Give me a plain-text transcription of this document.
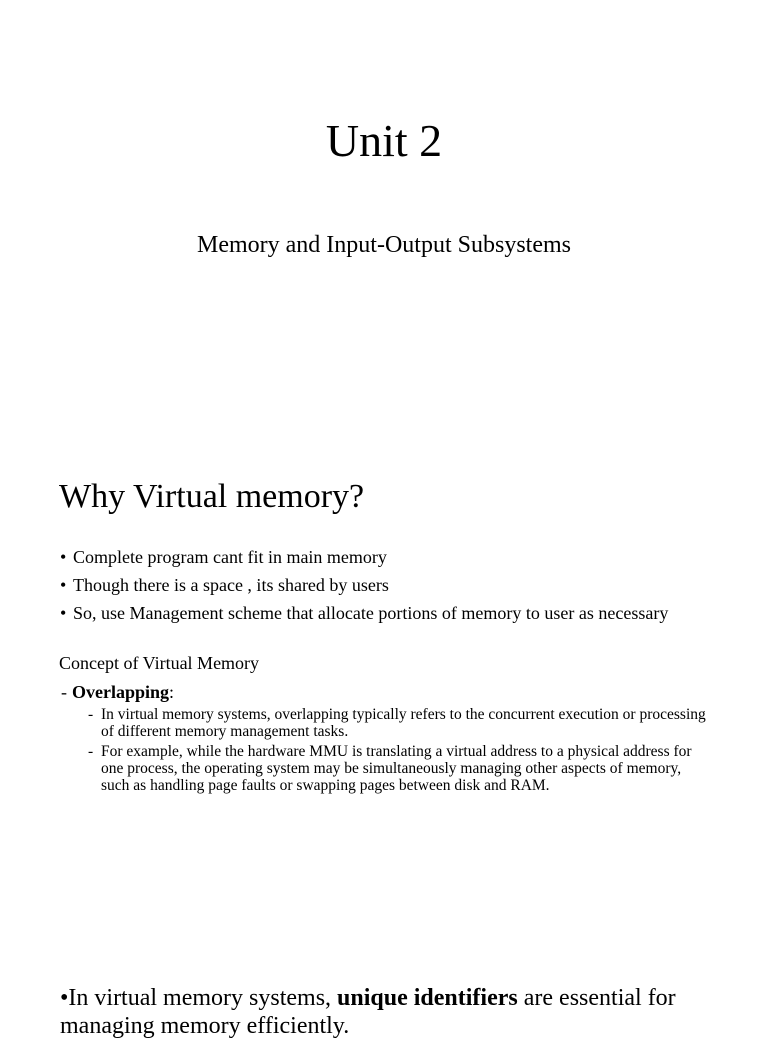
Unit 2
Memory and Input-Output Subsystems
Why Virtual memory?
• Complete program cant fit in main memory
• Though there is a space , its shared by users
• So, use Management scheme that allocate portions of memory to user as necessary
Concept of Virtual Memory
- Overlapping:
- In virtual memory systems, overlapping typically refers to the concurrent execution or processing of different memory management tasks.
- For example, while the hardware MMU is translating a virtual address to a physical address for one process, the operating system may be simultaneously managing other aspects of memory, such as handling page faults or swapping pages between disk and RAM.
•In virtual memory systems, unique identifiers are essential for managing memory efficiently.
